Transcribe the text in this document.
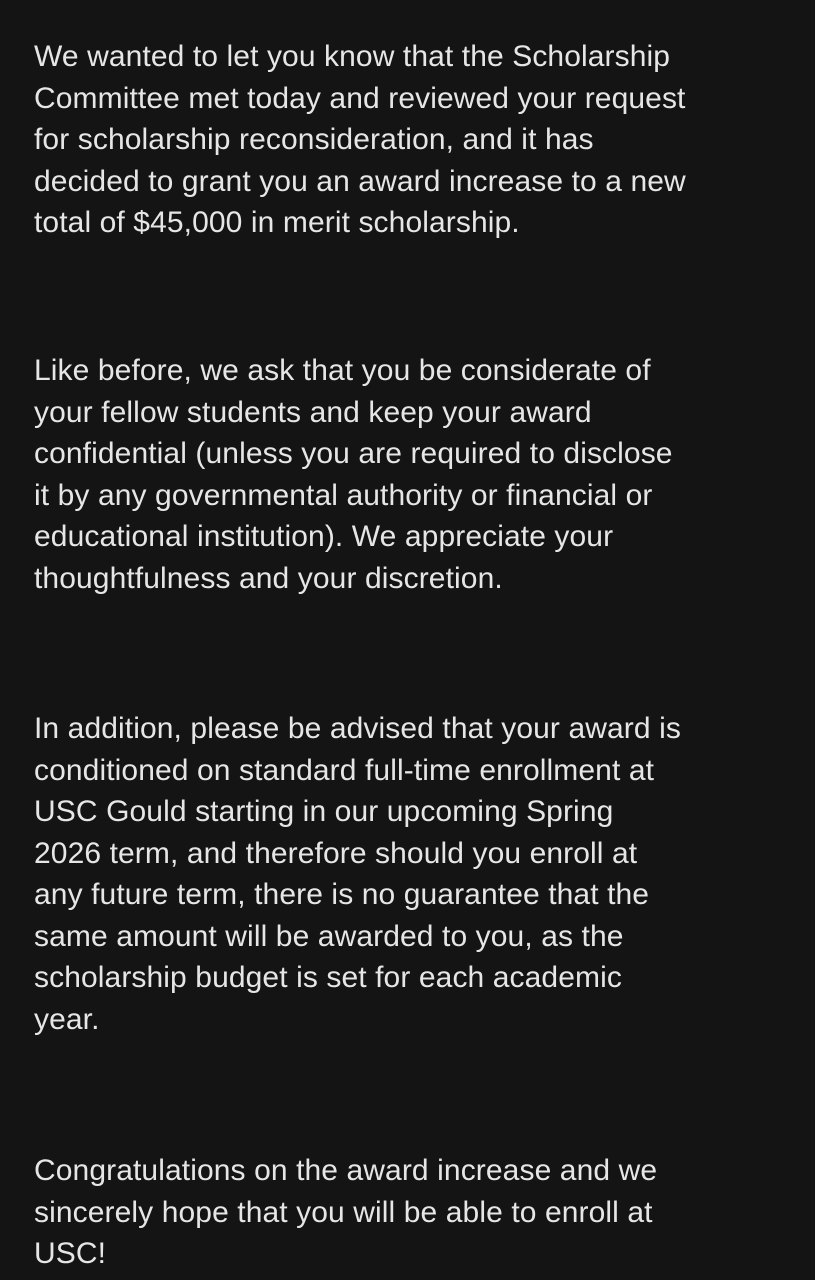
We wanted to let you know that the Scholarship
Committee met today and reviewed your request
for scholarship reconsideration, and it has
decided to grant you an award increase to a new
total of $45,000 in merit scholarship.

Like before, we ask that you be considerate of
your fellow students and keep your award
confidential (unless you are required to disclose
it by any governmental authority or financial or
educational institution). We appreciate your
thoughtfulness and your discretion.

In addition, please be advised that your award is
conditioned on standard full-time enrollment at
USC Gould starting in our upcoming Spring
2026 term, and therefore should you enroll at
any future term, there is no guarantee that the
same amount will be awarded to you, as the
scholarship budget is set for each academic
year.

Congratulations on the award increase and we
sincerely hope that you will be able to enroll at
USC!
